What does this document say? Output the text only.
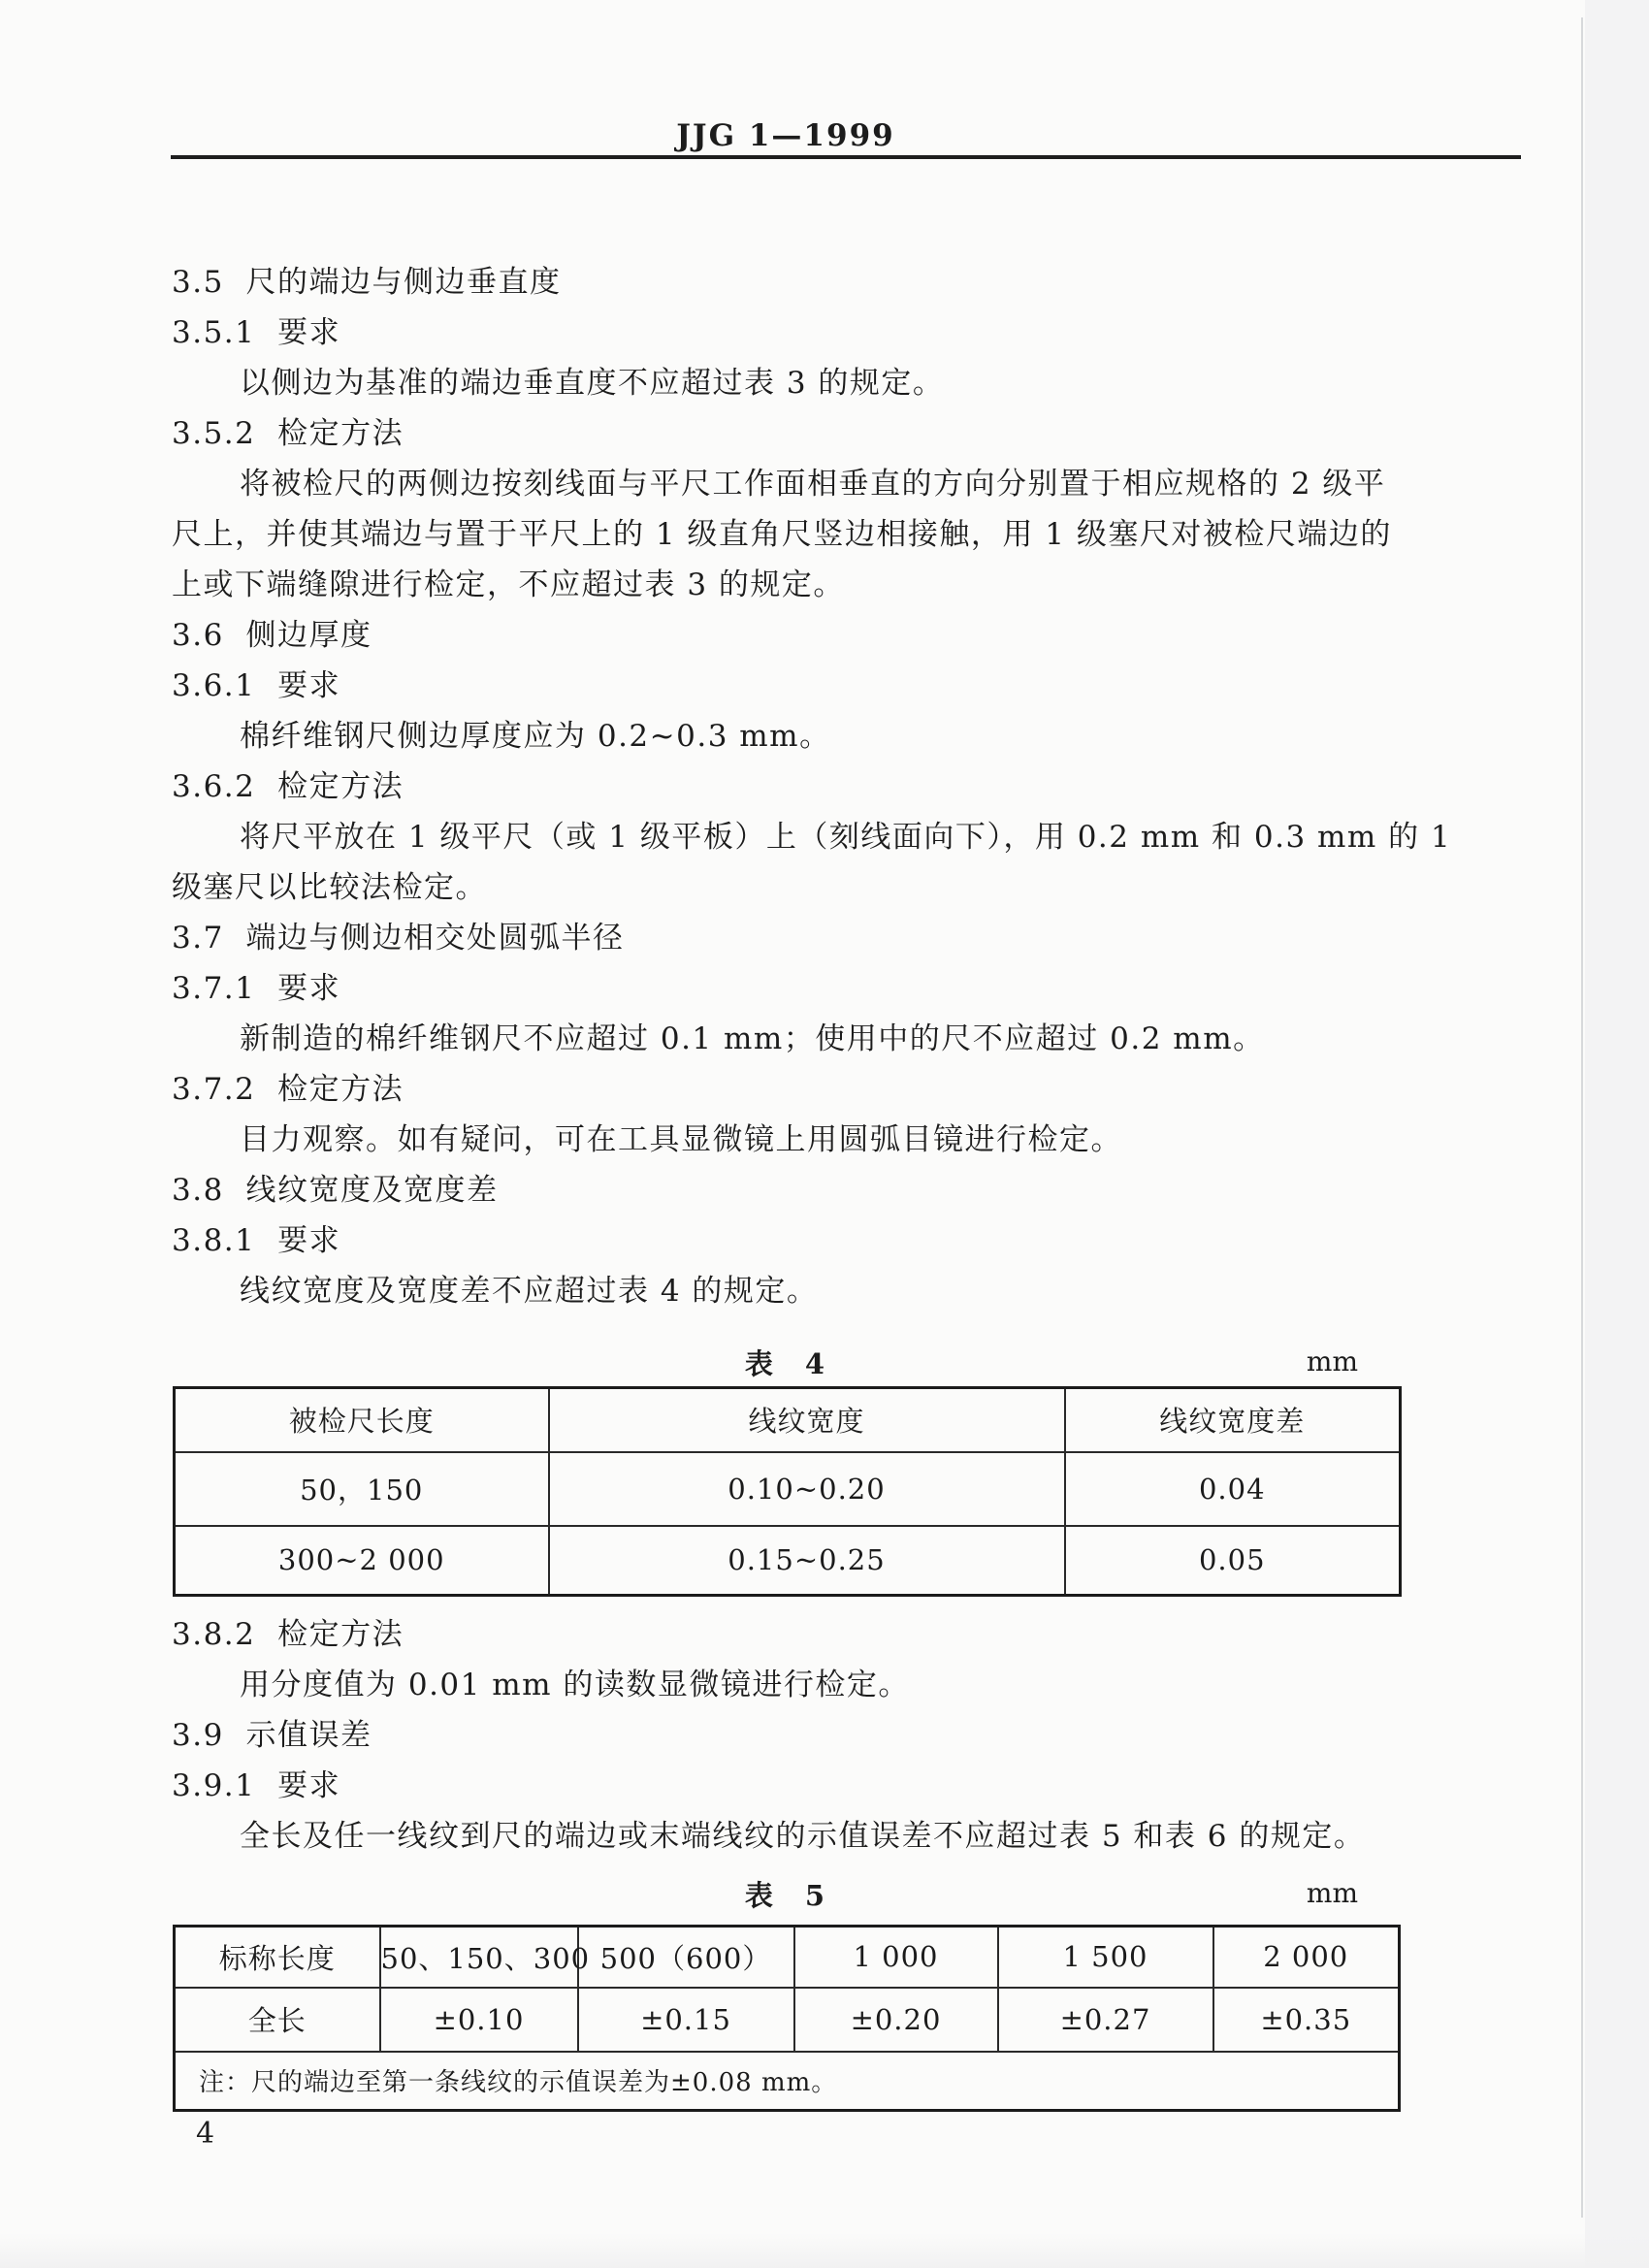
JJG 1—1999
3.5  尺的端边与侧边垂直度
3.5.1  要求
以侧边为基准的端边垂直度不应超过表 3 的规定。
3.5.2  检定方法
将被检尺的两侧边按刻线面与平尺工作面相垂直的方向分别置于相应规格的 2 级平
尺上，并使其端边与置于平尺上的 1 级直角尺竖边相接触，用 1 级塞尺对被检尺端边的
上或下端缝隙进行检定，不应超过表 3 的规定。
3.6  侧边厚度
3.6.1  要求
棉纤维钢尺侧边厚度应为 0.2~0.3 mm。
3.6.2  检定方法
将尺平放在 1 级平尺（或 1 级平板）上（刻线面向下），用 0.2 mm 和 0.3 mm 的 1
级塞尺以比较法检定。
3.7  端边与侧边相交处圆弧半径
3.7.1  要求
新制造的棉纤维钢尺不应超过 0.1 mm；使用中的尺不应超过 0.2 mm。
3.7.2  检定方法
目力观察。如有疑问，可在工具显微镜上用圆弧目镜进行检定。
3.8  线纹宽度及宽度差
3.8.1  要求
线纹宽度及宽度差不应超过表 4 的规定。
表　4	mm
被检尺长度	线纹宽度	线纹宽度差
50，150	0.10~0.20	0.04
300~2 000	0.15~0.25	0.05
3.8.2  检定方法
用分度值为 0.01 mm 的读数显微镜进行检定。
3.9  示值误差
3.9.1  要求
全长及任一线纹到尺的端边或末端线纹的示值误差不应超过表 5 和表 6 的规定。
表　5	mm
标称长度	50、150、300	500（600）	1 000	1 500	2 000
全长	±0.10	±0.15	±0.20	±0.27	±0.35
注：尺的端边至第一条线纹的示值误差为±0.08 mm。					
4
